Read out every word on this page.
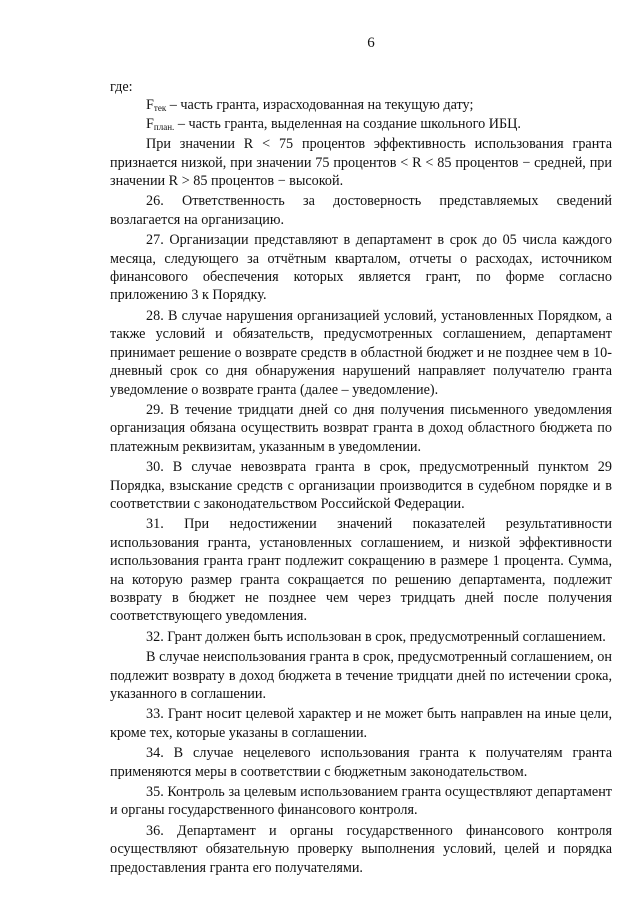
6

где:

$F_{тек}$ – часть гранта, израсходованная на текущую дату;

$F_{план.}$ – часть гранта, выделенная на создание школьного ИБЦ.

При значении R < 75 процентов эффективность использования гранта признается низкой, при значении 75 процентов < R < 85 процентов − средней, при значении R > 85 процентов − высокой.

26. Ответственность за достоверность представляемых сведений возлагается на организацию.

27. Организации представляют в департамент в срок до 05 числа каждого месяца, следующего за отчётным кварталом, отчеты о расходах, источником финансового обеспечения которых является грант, по форме согласно приложению 3 к Порядку.

28. В случае нарушения организацией условий, установленных Порядком, а также условий и обязательств, предусмотренных соглашением, департамент принимает решение о возврате средств в областной бюджет и не позднее чем в 10-дневный срок со дня обнаружения нарушений направляет получателю гранта уведомление о возврате гранта (далее – уведомление).

29. В течение тридцати дней со дня получения письменного уведомления организация обязана осуществить возврат гранта в доход областного бюджета по платежным реквизитам, указанным в уведомлении.

30. В случае невозврата гранта в срок, предусмотренный пунктом 29 Порядка, взыскание средств с организации производится в судебном порядке и в соответствии с законодательством Российской Федерации.

31. При недостижении значений показателей результативности использования гранта, установленных соглашением, и низкой эффективности использования гранта грант подлежит сокращению в размере 1 процента. Сумма, на которую размер гранта сокращается по решению департамента, подлежит возврату в бюджет не позднее чем через тридцать дней после получения соответствующего уведомления.

32. Грант должен быть использован в срок, предусмотренный соглашением.

В случае неиспользования гранта в срок, предусмотренный соглашением, он подлежит возврату в доход бюджета в течение тридцати дней по истечении срока, указанного в соглашении.

33. Грант носит целевой характер и не может быть направлен на иные цели, кроме тех, которые указаны в соглашении.

34. В случае нецелевого использования гранта к получателям гранта применяются меры в соответствии с бюджетным законодательством.

35. Контроль за целевым использованием гранта осуществляют департамент и органы государственного финансового контроля.

36. Департамент и органы государственного финансового контроля осуществляют обязательную проверку выполнения условий, целей и порядка предоставления гранта его получателями.
